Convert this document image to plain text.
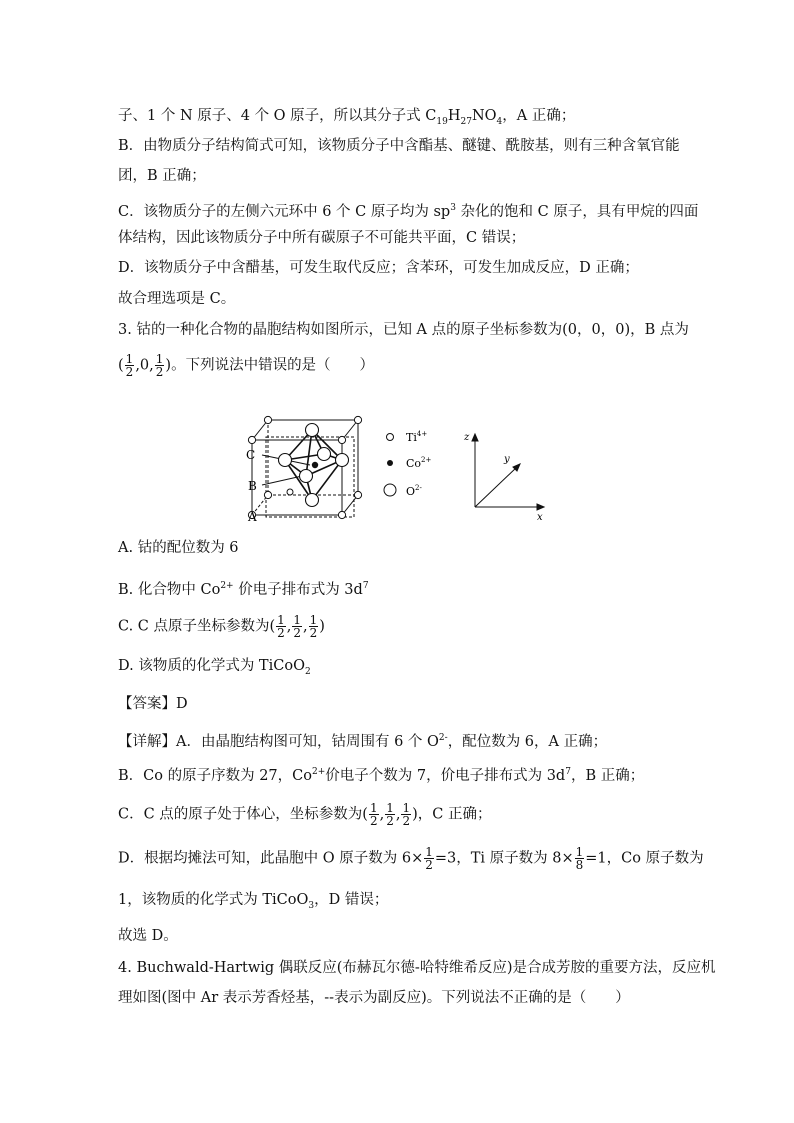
子、1 个 N 原子、4 个 O 原子，所以其分子式 $C_{19}H_{27}NO_4$，A 正确；
B．由物质分子结构简式可知，该物质分子中含酯基、醚键、酰胺基，则有三种含氧官能
团，B 正确；
C．该物质分子的左侧六元环中 6 个 C 原子均为 $sp^3$ 杂化的饱和 C 原子，具有甲烷的四面
体结构，因此该物质分子中所有碳原子不可能共平面，C 错误；
D．该物质分子中含醋基，可发生取代反应；含苯环，可发生加成反应，D 正确；
故合理选项是 C。
3. 钴的一种化合物的晶胞结构如图所示，已知 A 点的原子坐标参数为(0，0，0)，B 点为
( $\frac{1}{2} ,0$, $\frac{1}{2}$ )。下列说法中错误的是（　　）
C
B
A
$Ti^{4+}$
$Co^{2+}$
$O^{2-}$
z
y
x
A. 钴的配位数为 6
B. 化合物中 $Co^{2+}$ 价电子排布式为 $3d^7$
C. C 点原子坐标参数为( $\frac{1}{2}$ , $\frac{1}{2}$ , $\frac{1}{2}$ )
D. 该物质的化学式为 TiCoO$_2$
【答案】D
【详解】A．由晶胞结构图可知，钴周围有 6 个 $O^{2-}$，配位数为 6，A 正确；
B．Co 的原子序数为 27，$Co^{2+}$价电子个数为 7，价电子排布式为 $3d^7$，B 正确；
C．C 点的原子处于体心，坐标参数为( $\frac{1}{2}$ , $\frac{1}{2}$ , $\frac{1}{2}$ )，C 正确；
D．根据均摊法可知，此晶胞中 O 原子数为 $6\times \frac{1}{2} =3$，Ti 原子数为 $8\times \frac{1}{8} =1$，Co 原子数为
1，该物质的化学式为 TiCoO$_3$，D 错误；
故选 D。
4. Buchwald-Hartwig 偶联反应(布赫瓦尔德-哈特维希反应)是合成芳胺的重要方法，反应机
理如图(图中 Ar 表示芳香烃基，--表示为副反应)。下列说法不正确的是（　　）
